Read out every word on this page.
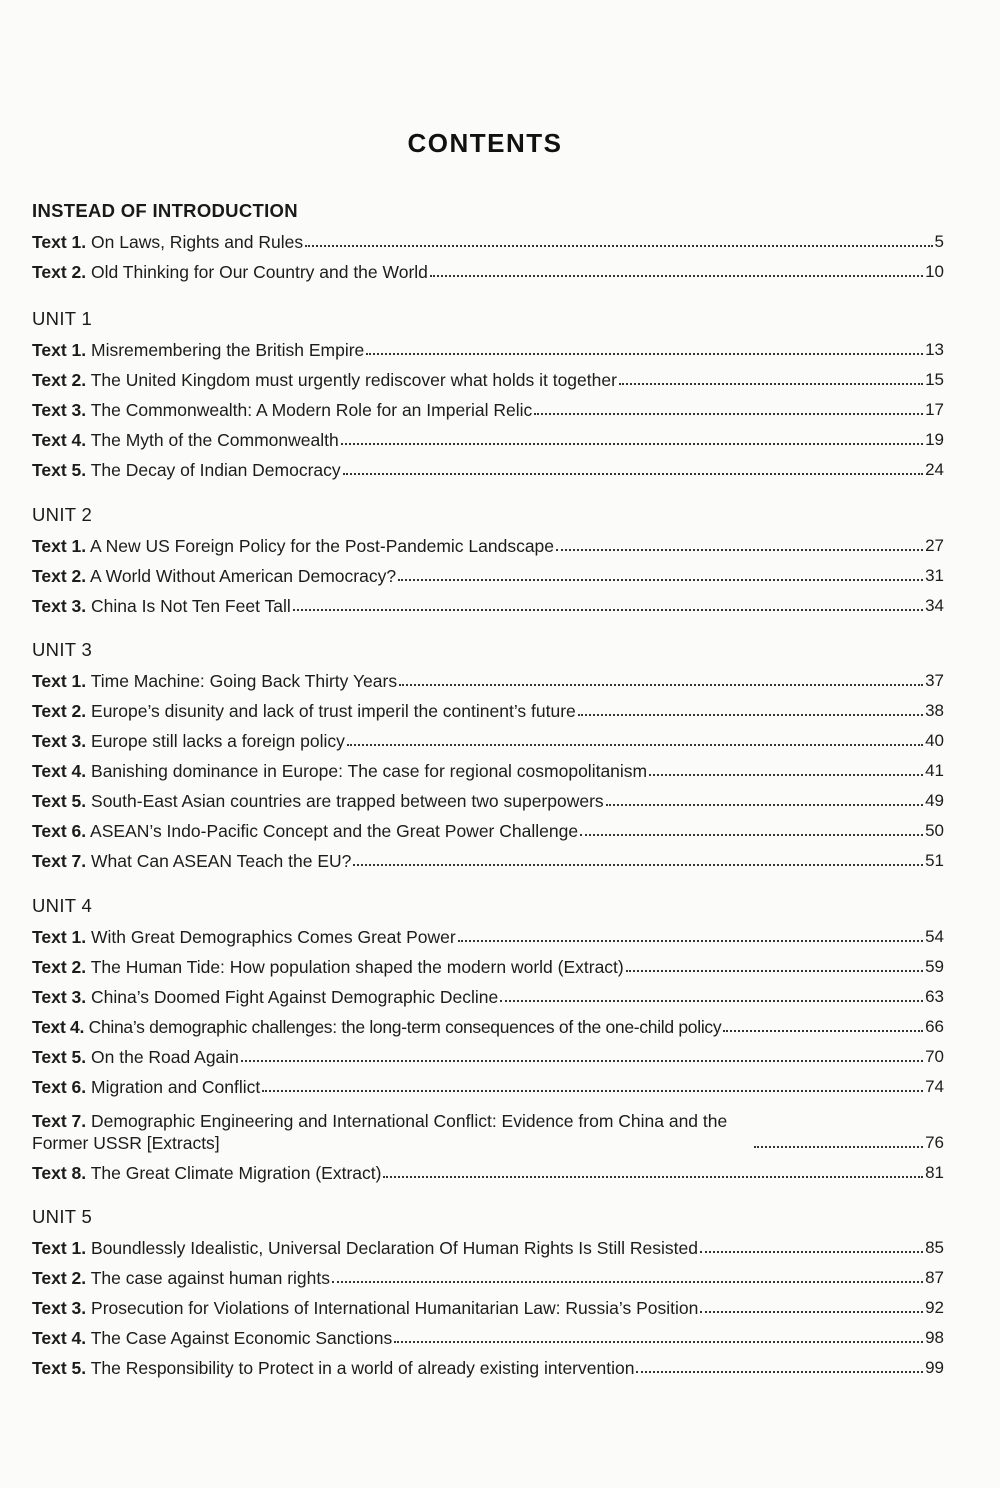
CONTENTS
INSTEAD OF INTRODUCTION
Text 1. On Laws, Rights and Rules	5
Text 2. Old Thinking for Our Country and the World	10
UNIT 1
Text 1. Misremembering the British Empire	13
Text 2. The United Kingdom must urgently rediscover what holds it together	15
Text 3. The Commonwealth: A Modern Role for an Imperial Relic	17
Text 4. The Myth of the Commonwealth	19
Text 5. The Decay of Indian Democracy	24
UNIT 2
Text 1. A New US Foreign Policy for the Post-Pandemic Landscape	27
Text 2. A World Without American Democracy?	31
Text 3. China Is Not Ten Feet Tall	34
UNIT 3
Text 1. Time Machine: Going Back Thirty Years	37
Text 2. Europe’s disunity and lack of trust imperil the continent’s future	38
Text 3. Europe still lacks a foreign policy	40
Text 4. Banishing dominance in Europe: The case for regional cosmopolitanism	41
Text 5. South-East Asian countries are trapped between two superpowers	49
Text 6. ASEAN’s Indo-Pacific Concept and the Great Power Challenge	50
Text 7. What Can ASEAN Teach the EU?	51
UNIT 4
Text 1. With Great Demographics Comes Great Power	54
Text 2. The Human Tide: How population shaped the modern world (Extract)	59
Text 3. China’s Doomed Fight Against Demographic Decline	63
Text 4. China’s demographic challenges: the long-term consequences of the one-child policy	66
Text 5. On the Road Again	70
Text 6. Migration and Conflict	74
Text 7. Demographic Engineering and International Conflict: Evidence from China and the Former USSR [Extracts]	76
Text 8. The Great Climate Migration (Extract)	81
UNIT 5
Text 1. Boundlessly Idealistic, Universal Declaration Of Human Rights Is Still Resisted	85
Text 2. The case against human rights	87
Text 3. Prosecution for Violations of International Humanitarian Law: Russia’s Position	92
Text 4. The Case Against Economic Sanctions	98
Text 5. The Responsibility to Protect in a world of already existing intervention	99
